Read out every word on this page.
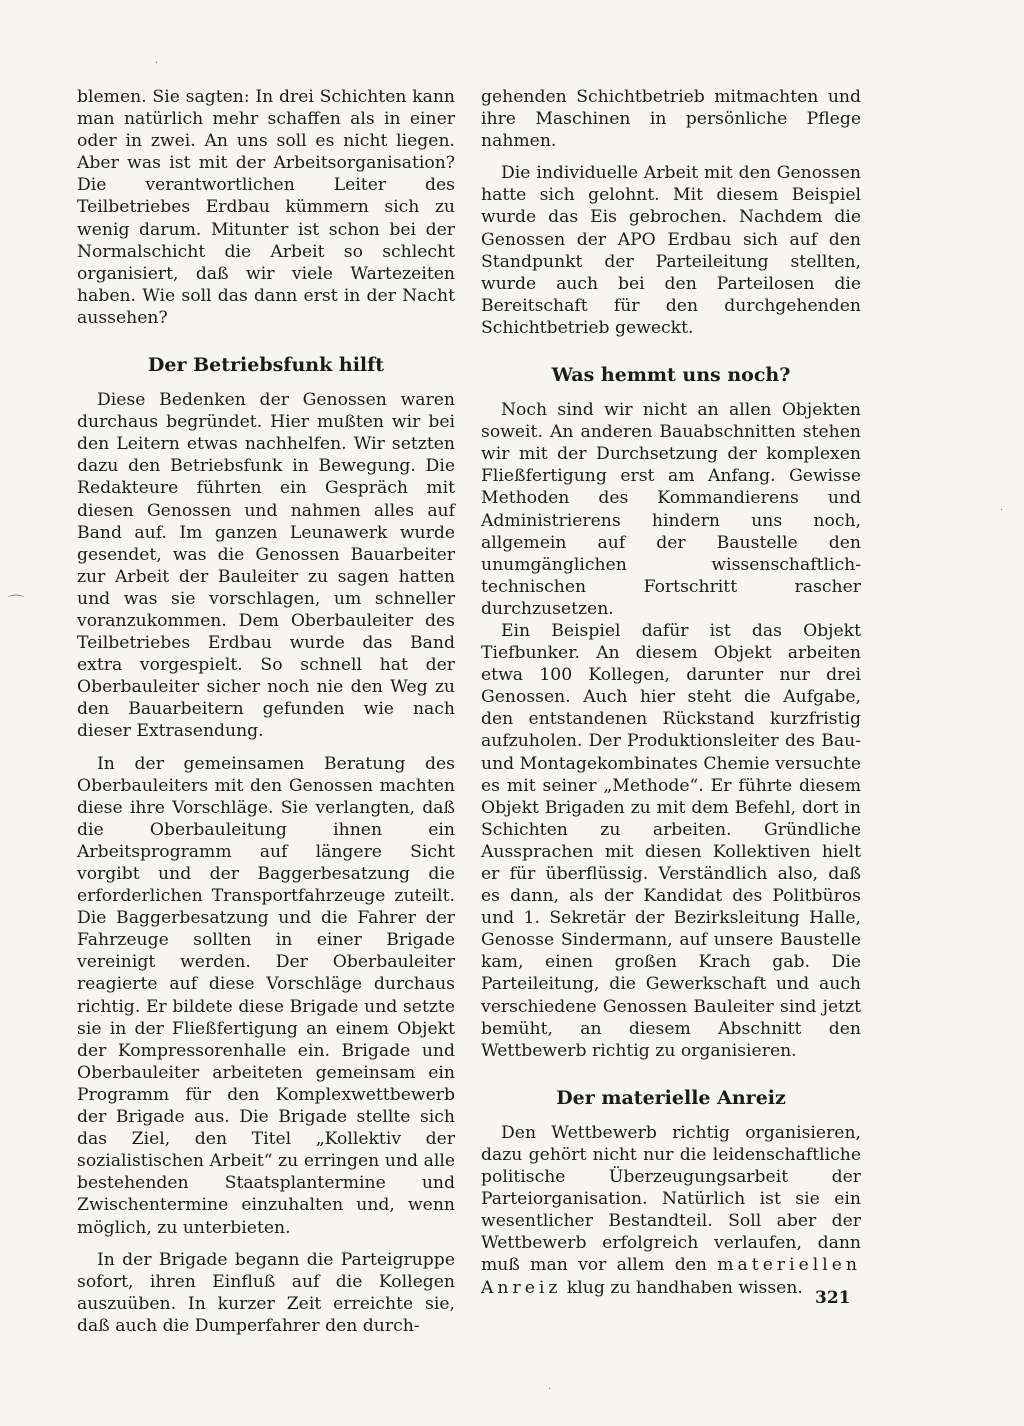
blemen. Sie sagten: In drei Schichten kann man natürlich mehr schaffen als in einer oder in zwei. An uns soll es nicht liegen. Aber was ist mit der Arbeitsorganisation? Die verantwortlichen Leiter des Teilbetriebes Erdbau kümmern sich zu wenig darum. Mitunter ist schon bei der Normalschicht die Arbeit so schlecht organisiert, daß wir viele Wartezeiten haben. Wie soll das dann erst in der Nacht aussehen?

Der Betriebsfunk hilft

Diese Bedenken der Genossen waren durchaus begründet. Hier mußten wir bei den Leitern etwas nachhelfen. Wir setzten dazu den Betriebsfunk in Bewegung. Die Redakteure führten ein Gespräch mit diesen Genossen und nahmen alles auf Band auf. Im ganzen Leunawerk wurde gesendet, was die Genossen Bauarbeiter zur Arbeit der Bauleiter zu sagen hatten und was sie vorschlagen, um schneller voranzukommen. Dem Oberbauleiter des Teilbetriebes Erdbau wurde das Band extra vorgespielt. So schnell hat der Oberbauleiter sicher noch nie den Weg zu den Bauarbeitern gefunden wie nach dieser Extrasendung.

In der gemeinsamen Beratung des Oberbauleiters mit den Genossen machten diese ihre Vorschläge. Sie verlangten, daß die Oberbauleitung ihnen ein Arbeitsprogramm auf längere Sicht vorgibt und der Baggerbesatzung die erforderlichen Transportfahrzeuge zuteilt. Die Baggerbesatzung und die Fahrer der Fahrzeuge sollten in einer Brigade vereinigt werden. Der Oberbauleiter reagierte auf diese Vorschläge durchaus richtig. Er bildete diese Brigade und setzte sie in der Fließfertigung an einem Objekt der Kompressorenhalle ein. Brigade und Oberbauleiter arbeiteten gemeinsam ein Programm für den Komplexwettbewerb der Brigade aus. Die Brigade stellte sich das Ziel, den Titel „Kollektiv der sozialistischen Arbeit“ zu erringen und alle bestehenden Staatsplantermine und Zwischentermine einzuhalten und, wenn möglich, zu unterbieten.

In der Brigade begann die Parteigruppe sofort, ihren Einfluß auf die Kollegen auszuüben. In kurzer Zeit erreichte sie, daß auch die Dumperfahrer den durch-

gehenden Schichtbetrieb mitmachten und ihre Maschinen in persönliche Pflege nahmen.

Die individuelle Arbeit mit den Genossen hatte sich gelohnt. Mit diesem Beispiel wurde das Eis gebrochen. Nachdem die Genossen der APO Erdbau sich auf den Standpunkt der Parteileitung stellten, wurde auch bei den Parteilosen die Bereitschaft für den durchgehenden Schichtbetrieb geweckt.

Was hemmt uns noch?

Noch sind wir nicht an allen Objekten soweit. An anderen Bauabschnitten stehen wir mit der Durchsetzung der komplexen Fließfertigung erst am Anfang. Gewisse Methoden des Kommandierens und Administrierens hindern uns noch, allgemein auf der Baustelle den unumgänglichen wissenschaftlich-technischen Fortschritt rascher durchzusetzen.

Ein Beispiel dafür ist das Objekt Tiefbunker. An diesem Objekt arbeiten etwa 100 Kollegen, darunter nur drei Genossen. Auch hier steht die Aufgabe, den entstandenen Rückstand kurzfristig aufzuholen. Der Produktionsleiter des Bau- und Montagekombinates Chemie versuchte es mit seiner „Methode“. Er führte diesem Objekt Brigaden zu mit dem Befehl, dort in Schichten zu arbeiten. Gründliche Aussprachen mit diesen Kollektiven hielt er für überflüssig. Verständlich also, daß es dann, als der Kandidat des Politbüros und 1. Sekretär der Bezirksleitung Halle, Genosse Sindermann, auf unsere Baustelle kam, einen großen Krach gab. Die Parteileitung, die Gewerkschaft und auch verschiedene Genossen Bauleiter sind jetzt bemüht, an diesem Abschnitt den Wettbewerb richtig zu organisieren.

Der materielle Anreiz

Den Wettbewerb richtig organisieren, dazu gehört nicht nur die leidenschaftliche politische Überzeugungsarbeit der Parteiorganisation. Natürlich ist sie ein wesentlicher Bestandteil. Soll aber der Wettbewerb erfolgreich verlaufen, dann muß man vor allem den materiellen Anreiz klug zu handhaben wissen.

321
·
⌒
·
·
